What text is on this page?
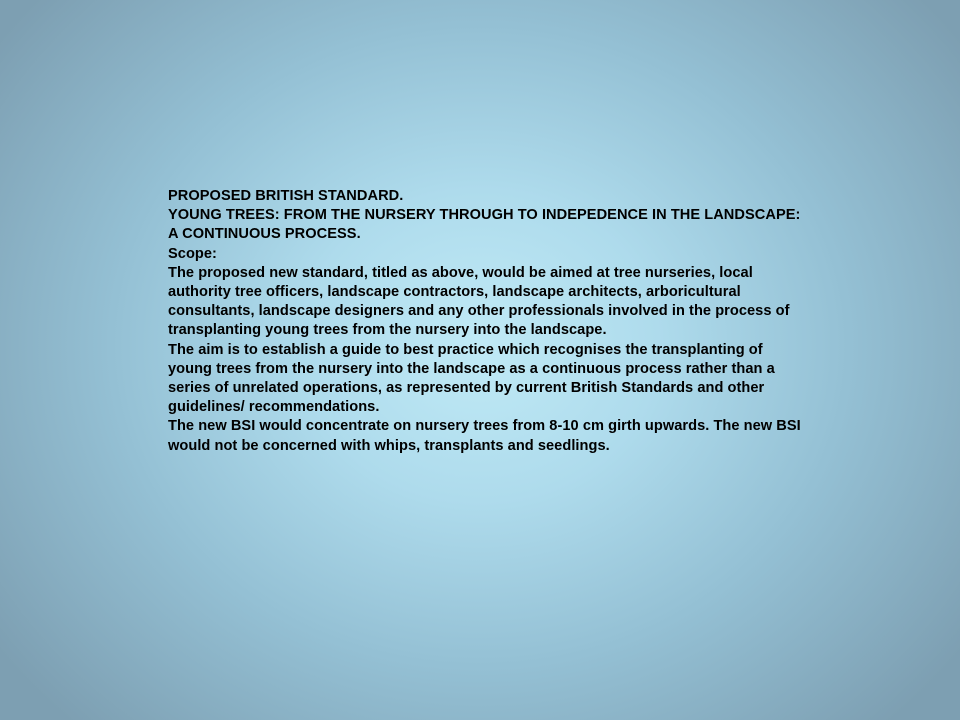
PROPOSED BRITISH STANDARD.

YOUNG TREES: FROM THE NURSERY THROUGH TO INDEPEDENCE IN THE LANDSCAPE: A CONTINUOUS PROCESS.

Scope:

The proposed new standard, titled as above, would be aimed at tree nurseries, local authority tree officers, landscape contractors, landscape architects, arboricultural consultants, landscape designers and any other professionals involved in the process of transplanting young trees from the nursery into the landscape.

The aim is to establish a guide to best practice which recognises the transplanting of young trees from the nursery into the landscape as a continuous process rather than a series of unrelated operations, as represented by current British Standards and other guidelines/ recommendations.

The new BSI would concentrate on nursery trees from 8-10 cm girth upwards. The new BSI would not be concerned with whips, transplants and seedlings.
